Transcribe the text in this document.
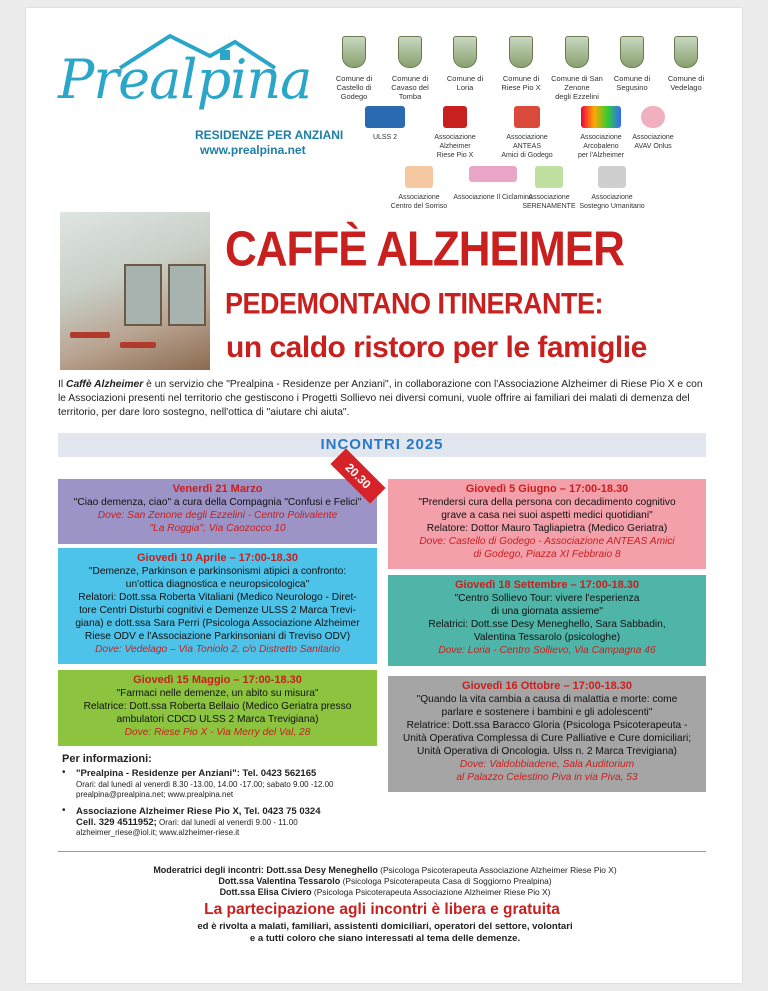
Prealpina
RESIDENZE PER ANZIANI
www.prealpina.net
Comune di
Castello di Godego
Comune di
Cavaso del Tomba
Comune di
Loria
Comune di
Riese Pio X
Comune di San Zenone
degli Ezzelini
Comune di
Segusino
Comune di
Vedelago
ULSS 2	Associazione Alzheimer
Riese Pio X
Associazione ANTEAS
Amici di Godego
Associazione Arcobaleno
per l'Alzheimer
Associazione
AVAV Onlus
Associazione
Centro del Sorriso
Associazione Il Ciclamino
Associazione
SERENAMENTE
Associazione
Sostegno Umanitario
CAFFÈ ALZHEIMER
PEDEMONTANO ITINERANTE:
un caldo ristoro per le famiglie
Il Caffè Alzheimer è un servizio che "Prealpina - Residenze per Anziani", in collaborazione con l'Associazione Alzheimer di Riese Pio X e con le Associazioni presenti nel territorio che gestiscono i Progetti Sollievo nei diversi comuni, vuole offrire ai familiari dei malati di demenza del territorio, per dare loro sostegno, nell'ottica di "aiutare chi aiuta".
INCONTRI 2025
Venerdì 21 Marzo
"Ciao demenza, ciao" a cura della Compagnia "Confusi e Felici"
Dove: San Zenone degli Ezzelini - Centro Polivalente
"La Roggia", Via Caozocco 10
20.30
Giovedì 10 Aprile – 17:00-18.30
"Demenze, Parkinson e parkinsonismi atipici a confronto:
un'ottica diagnostica e neuropsicologica"
Relatori: Dott.ssa Roberta Vitaliani (Medico Neurologo - Diret-
tore Centri Disturbi cognitivi e Demenze ULSS 2 Marca Trevi-
giana) e dott.ssa Sara Perri (Psicologa Associazione Alzheimer
Riese ODV e l'Associazione Parkinsoniani di Treviso ODV)
Dove: Vedelago – Via Toniolo 2, c/o Distretto Sanitario
Giovedì 15 Maggio – 17:00-18.30
"Farmaci nelle demenze, un abito su misura"
Relatrice: Dott.ssa Roberta Bellaio (Medico Geriatra presso
ambulatori CDCD ULSS 2 Marca Trevigiana)
Dove: Riese Pio X - Via Merry del Val, 28
Giovedì 5 Giugno – 17:00-18.30
"Prendersi cura della persona con decadimento cognitivo
grave a casa nei suoi aspetti medici quotidiani"
Relatore: Dottor Mauro Tagliapietra (Medico Geriatra)
Dove: Castello di Godego - Associazione ANTEAS Amici
di Godego, Piazza XI Febbraio 8
Giovedì 18 Settembre – 17:00-18.30
"Centro Sollievo Tour: vivere l'esperienza
di una giornata assieme"
Relatrici: Dott.sse Desy Meneghello, Sara Sabbadin,
Valentina Tessarolo (psicologhe)
Dove: Loria - Centro Sollievo, Via Campagna 46
Giovedì 16 Ottobre – 17:00-18.30
"Quando la vita cambia a causa di malattia e morte: come
parlare e sostenere i bambini e gli adolescenti"
Relatrice: Dott.ssa Baracco Gloria (Psicologa Psicoterapeuta -
Unità Operativa Complessa di Cure Palliative e Cure domiciliari;
Unità Operativa di Oncologia. Ulss n. 2 Marca Trevigiana)
Dove: Valdobbiadene, Sala Auditorium
al Palazzo Celestino Piva in via Piva, 53
Per informazioni:
• "Prealpina - Residenze per Anziani": Tel. 0423 562165
Orari: dal lunedì al venerdì 8.30 -13.00, 14.00 -17.00; sabato 9.00 -12.00
prealpina@prealpina.net; www.prealpina.net
• Associazione Alzheimer Riese Pio X, Tel. 0423 75 0324
Cell. 329 4511952; Orari: dal lunedì al venerdì 9.00 - 11.00
alzheimer_riese@iol.it; www.alzheimer-riese.it
Moderatrici degli incontri: Dott.ssa Desy Meneghello (Psicologa Psicoterapeuta Associazione Alzheimer Riese Pio X)
Dott.ssa Valentina Tessarolo (Psicologa Psicoterapeuta Casa di Soggiorno Prealpina)
Dott.ssa Elisa Civiero (Psicologa Psicoterapeuta Associazione Alzheimer Riese Pio X)
La partecipazione agli incontri è libera e gratuita
ed è rivolta a malati, familiari, assistenti domiciliari, operatori del settore, volontari
e a tutti coloro che siano interessati al tema delle demenze.
